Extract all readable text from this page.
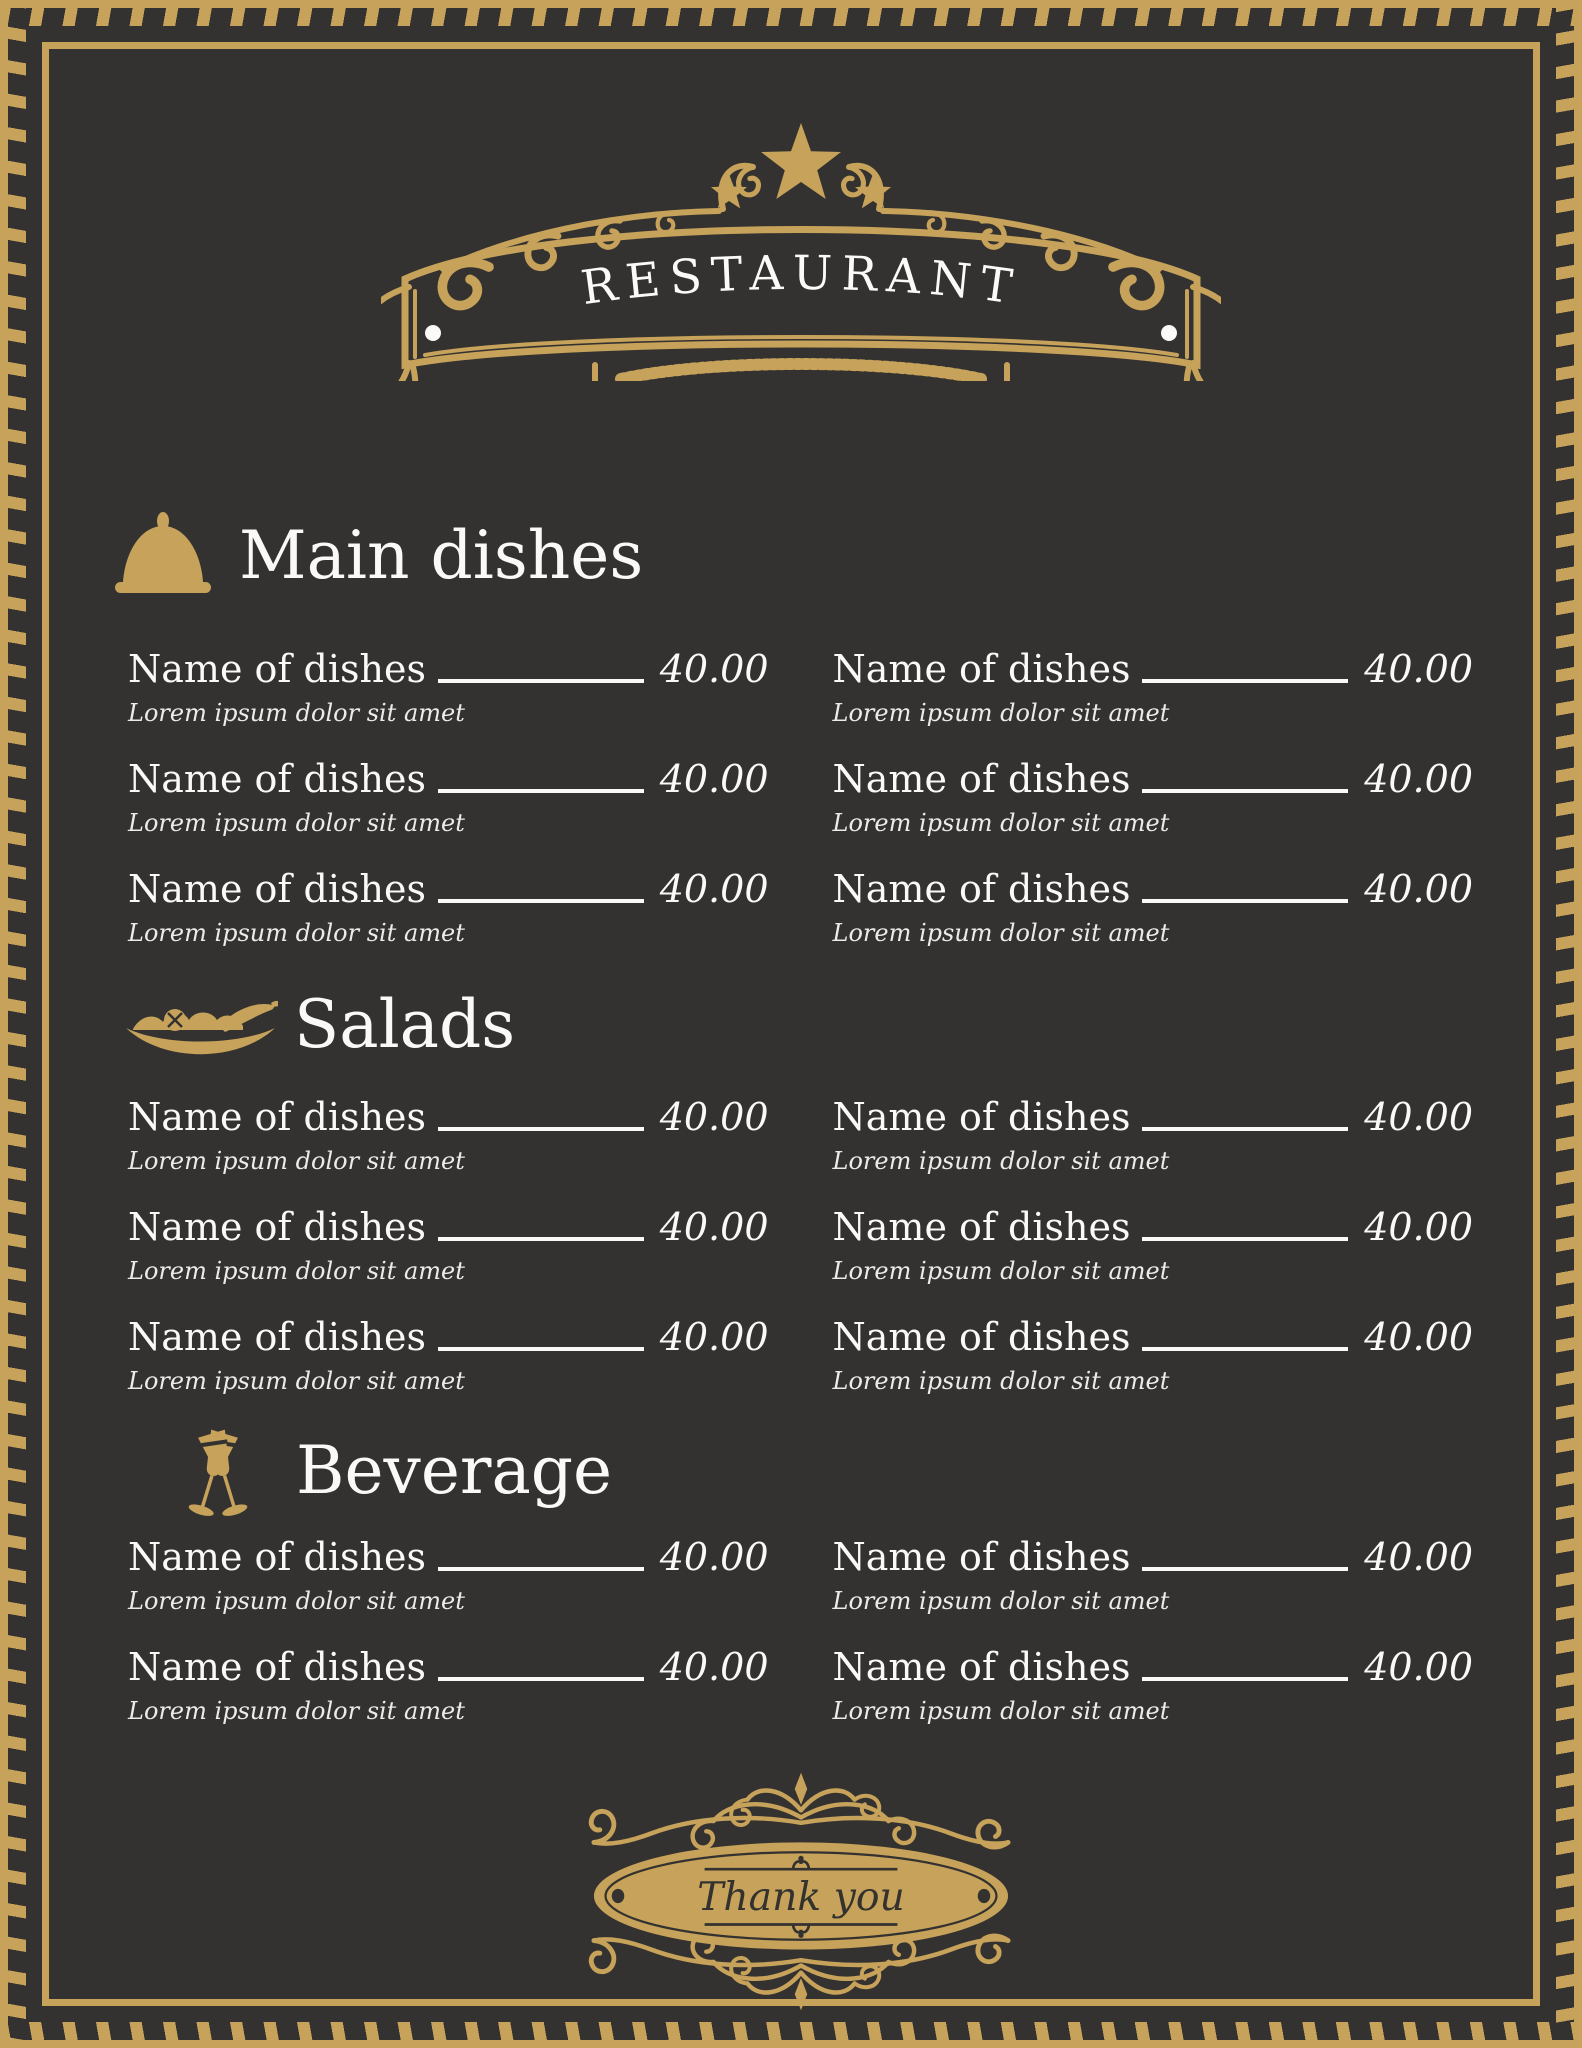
RESTAURANT
Main dishes
Name of dishes	40.00
Lorem ipsum dolor sit amet
Name of dishes	40.00
Lorem ipsum dolor sit amet
Name of dishes	40.00
Lorem ipsum dolor sit amet
Name of dishes	40.00
Lorem ipsum dolor sit amet
Name of dishes	40.00
Lorem ipsum dolor sit amet
Name of dishes	40.00
Lorem ipsum dolor sit amet
Salads
Name of dishes	40.00
Lorem ipsum dolor sit amet
Name of dishes	40.00
Lorem ipsum dolor sit amet
Name of dishes	40.00
Lorem ipsum dolor sit amet
Name of dishes	40.00
Lorem ipsum dolor sit amet
Name of dishes	40.00
Lorem ipsum dolor sit amet
Name of dishes	40.00
Lorem ipsum dolor sit amet
Beverage
Name of dishes	40.00
Lorem ipsum dolor sit amet
Name of dishes	40.00
Lorem ipsum dolor sit amet
Name of dishes	40.00
Lorem ipsum dolor sit amet
Name of dishes	40.00
Lorem ipsum dolor sit amet
Thank you
